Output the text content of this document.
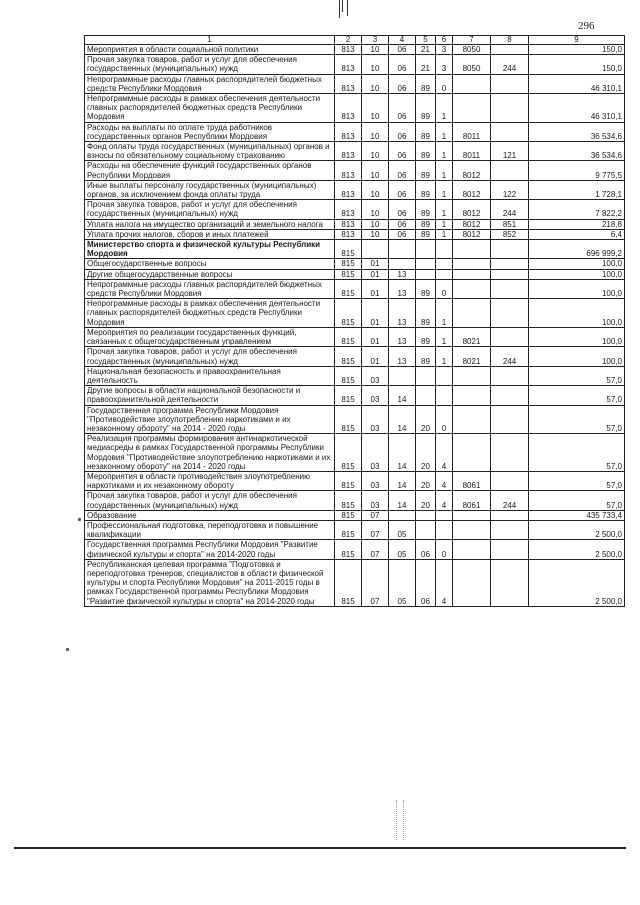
296
1	2	3	4	5	6	7	8	9
Мероприятия в области социальной политики	813	10	06	21	3	8050		150,0
Прочая закупка товаров, работ и услуг для обеспечения государственных (муниципальных) нужд	813	10	06	21	3	8050	244	150,0
Непрограммные расходы главных распорядителей бюджетных средств Республики Мордовия	813	10	06	89	0			46 310,1
Непрограммные расходы в рамках обеспечения деятельности главных распорядителей бюджетных средств Республики Мордовия	813	10	06	89	1			46 310,1
Расходы на выплаты по оплате труда работников государственных органов Республики Мордовия	813	10	06	89	1	8011		36 534,6
Фонд оплаты труда государственных (муниципальных) органов и взносы по обязательному социальному страхованию	813	10	06	89	1	8011	121	36 534,6
Расходы на обеспечение функций государственных органов Республики Мордовия	813	10	06	89	1	8012		9 775,5
Иные выплаты персоналу государственных (муниципальных) органов, за исключением фонда оплаты труда	813	10	06	89	1	8012	122	1 728,1
Прочая закупка товаров, работ и услуг для обеспечения государственных (муниципальных) нужд	813	10	06	89	1	8012	244	7 822,2
Уплата налога на имущество организаций и земельного налога	813	10	06	89	1	8012	851	218,8
Уплата прочих налогов, сборов и иных платежей	813	10	06	89	1	8012	852	6,4
Министерство спорта и физической культуры Республики Мордовия	815							696 999,2
Общегосударственные вопросы	815	01						100,0
Другие общегосударственные вопросы	815	01	13					100,0
Непрограммные расходы главных распорядителей бюджетных средств Республики Мордовия	815	01	13	89	0			100,0
Непрограммные расходы в рамках обеспечения деятельности главных распорядителей бюджетных средств Республики Мордовия	815	01	13	89	1			100,0
Мероприятия по реализации государственных функций, связанных с общегосударственным управлением	815	01	13	89	1	8021		100,0
Прочая закупка товаров, работ и услуг для обеспечения государственных (муниципальных) нужд	815	01	13	89	1	8021	244	100,0
Национальная безопасность и правоохранительная деятельность	815	03						57,0
Другие вопросы в области национальной безопасности и правоохранительной деятельности	815	03	14					57,0
Государственная программа Республики Мордовия "Противодействие злоупотреблению наркотиками и их незаконному обороту" на 2014 - 2020 годы	815	03	14	20	0			57,0
Реализация программы формирования антинаркотической медиасреды в рамках Государственной программы Республики Мордовия "Противодействие злоупотреблению наркотиками и их незаконному обороту" на 2014 - 2020 годы	815	03	14	20	4			57,0
Мероприятия в области противодействия злоупотреблению наркотиками и их незаконному обороту	815	03	14	20	4	8061		57,0
Прочая закупка товаров, работ и услуг для обеспечения государственных (муниципальных) нужд	815	03	14	20	4	8061	244	57,0
Образование	815	07						435 733,4
Профессиональная подготовка, переподготовка и повышение квалификации	815	07	05					2 500,0
Государственная программа Республики Мордовия "Развитие физической культуры и спорта" на 2014-2020 годы	815	07	05	06	0			2 500,0
Республиканская целевая программа "Подготовка и переподготовка тренеров, специалистов в области физической культуры и спорта Республики Мордовия" на 2011-2015 годы в рамках Государственной программы Республики Мордовия "Развитие физической культуры и спорта" на 2014-2020 годы	815	07	05	06	4			2 500,0
